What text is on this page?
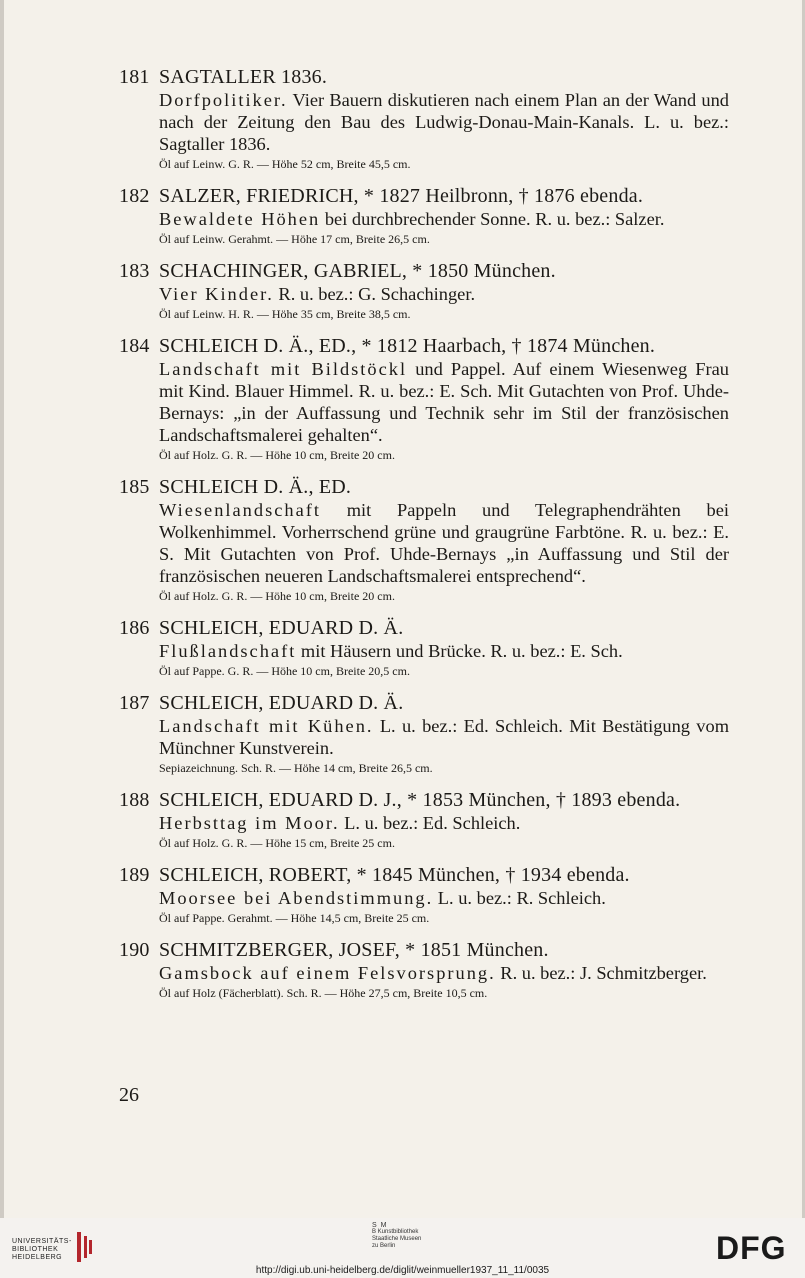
181 SAGTALLER 1836.
Dorfpolitiker. Vier Bauern diskutieren nach einem Plan an der Wand und nach der Zeitung den Bau des Ludwig-Donau-Main-Kanals. L. u. bez.: Sagtaller 1836.
Öl auf Leinw. G. R. — Höhe 52 cm, Breite 45,5 cm.
182 SALZER, FRIEDRICH, * 1827 Heilbronn, † 1876 ebenda.
Bewaldete Höhen bei durchbrechender Sonne. R. u. bez.: Salzer.
Öl auf Leinw. Gerahmt. — Höhe 17 cm, Breite 26,5 cm.
183 SCHACHINGER, GABRIEL, * 1850 München.
Vier Kinder. R. u. bez.: G. Schachinger.
Öl auf Leinw. H. R. — Höhe 35 cm, Breite 38,5 cm.
184 SCHLEICH D. Ä., ED., * 1812 Haarbach, † 1874 München.
Landschaft mit Bildstöckl und Pappel. Auf einem Wiesenweg Frau mit Kind. Blauer Himmel. R. u. bez.: E. Sch. Mit Gutachten von Prof. Uhde-Bernays: „in der Auffassung und Technik sehr im Stil der französischen Landschaftsmalerei gehalten“.
Öl auf Holz. G. R. — Höhe 10 cm, Breite 20 cm.
185 SCHLEICH D. Ä., ED.
Wiesenlandschaft mit Pappeln und Telegraphendrähten bei Wolkenhimmel. Vorherrschend grüne und graugrüne Farbtöne. R. u. bez.: E. S. Mit Gutachten von Prof. Uhde-Bernays „in Auffassung und Stil der französischen neueren Landschaftsmalerei entsprechend“.
Öl auf Holz. G. R. — Höhe 10 cm, Breite 20 cm.
186 SCHLEICH, EDUARD D. Ä.
Flußlandschaft mit Häusern und Brücke. R. u. bez.: E. Sch.
Öl auf Pappe. G. R. — Höhe 10 cm, Breite 20,5 cm.
187 SCHLEICH, EDUARD D. Ä.
Landschaft mit Kühen. L. u. bez.: Ed. Schleich. Mit Bestätigung vom Münchner Kunstverein.
Sepiazeichnung. Sch. R. — Höhe 14 cm, Breite 26,5 cm.
188 SCHLEICH, EDUARD D. J., * 1853 München, † 1893 ebenda.
Herbsttag im Moor. L. u. bez.: Ed. Schleich.
Öl auf Holz. G. R. — Höhe 15 cm, Breite 25 cm.
189 SCHLEICH, ROBERT, * 1845 München, † 1934 ebenda.
Moorsee bei Abendstimmung. L. u. bez.: R. Schleich.
Öl auf Pappe. Gerahmt. — Höhe 14,5 cm, Breite 25 cm.
190 SCHMITZBERGER, JOSEF, * 1851 München.
Gamsbock auf einem Felsvorsprung. R. u. bez.: J. Schmitzberger.
Öl auf Holz (Fächerblatt). Sch. R. — Höhe 27,5 cm, Breite 10,5 cm.
26
UNIVERSITÄTS-
BIBLIOTHEK
HEIDELBERG
S M
B Kunstbibliothek
Staatliche Museen
zu Berlin	DFG
http://digi.ub.uni-heidelberg.de/diglit/weinmueller1937_11_11/0035
